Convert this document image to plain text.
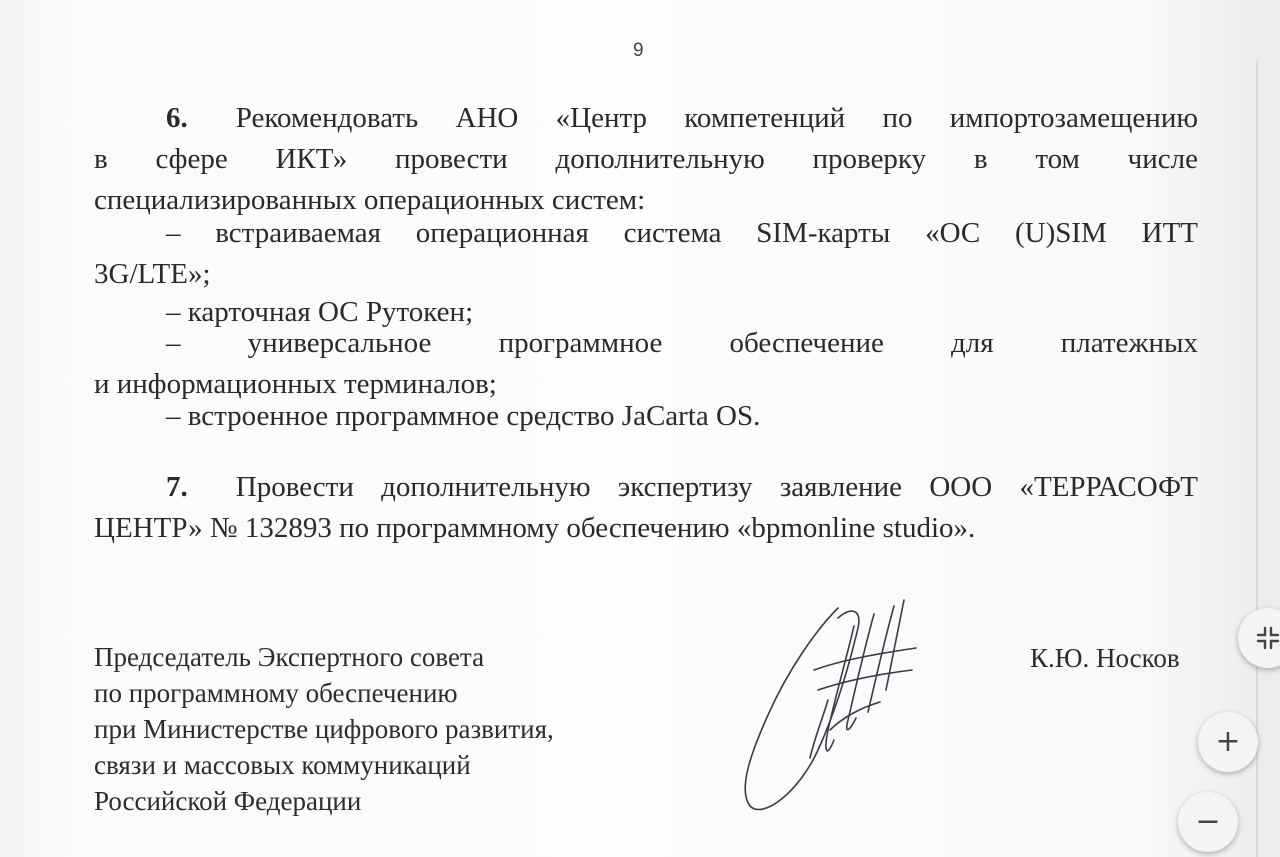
9
6. Рекомендовать АНО «Центр компетенций по импортозамещению
в сфере ИКТ» провести дополнительную проверку в том числе
специализированных операционных систем:
– встраиваемая операционная система SIM-карты «ОС (U)SIM ИТТ
3G/LTE»;
– карточная ОС Рутокен;
– универсальное программное обеспечение для платежных
и информационных терминалов;
– встроенное программное средство JaCarta OS.
7. Провести дополнительную экспертизу заявление ООО «ТЕРРАСОФТ
ЦЕНТР» № 132893 по программному обеспечению «bpmonline studio».
Председатель Экспертного совета
по программному обеспечению
при Министерстве цифрового развития,
связи и массовых коммуникаций
Российской Федерации
К.Ю. Носков
+
−
